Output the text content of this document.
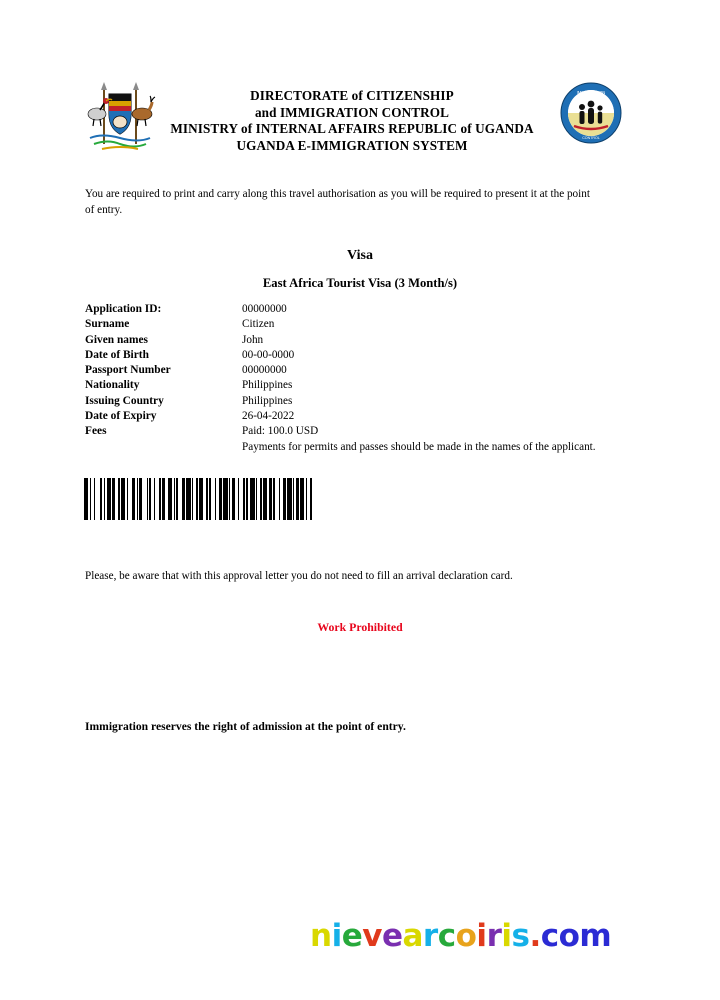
DIRECTORATE of CITIZENSHIP
and IMMIGRATION CONTROL
MINISTRY of INTERNAL AFFAIRS REPUBLIC of UGANDA
UGANDA E-IMMIGRATION SYSTEM
IMMIGRATION
CONTROL
You are required to print and carry along this travel authorisation as you will be required to present it at the point of entry.
Visa
East Africa Tourist Visa (3 Month/s)
Application ID:	00000000
Surname	Citizen
Given names	John
Date of Birth	00-00-0000
Passport Number	00000000
Nationality	Philippines
Issuing Country	Philippines
Date of Expiry	26-04-2022
Fees	Paid: 100.0 USD
Payments for permits and passes should be made in the names of the applicant.
Please, be aware that with this approval letter you do not need to fill an arrival declaration card.
Work Prohibited
Immigration reserves the right of admission at the point of entry.
nievearcoiris.com
